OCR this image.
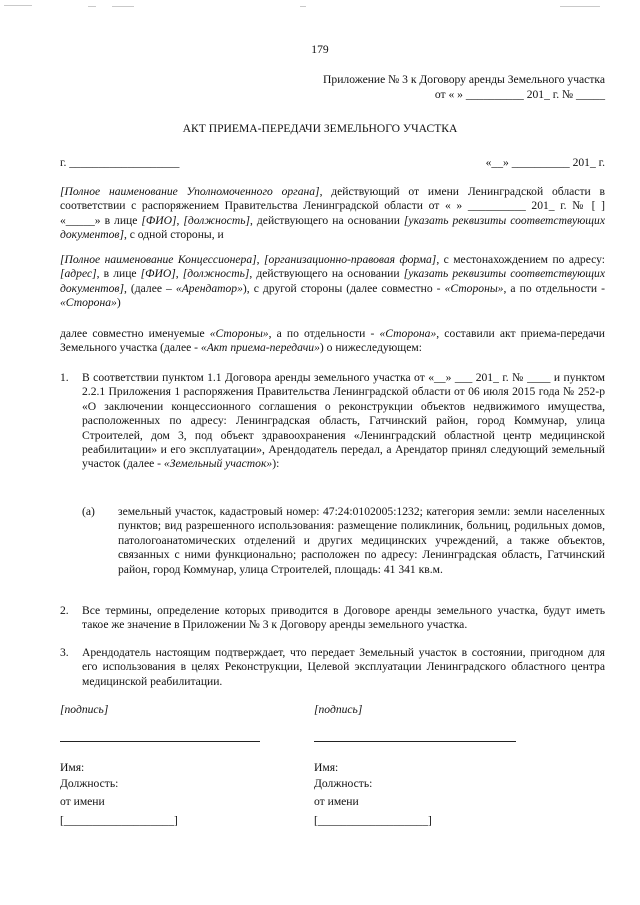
179
Приложение № 3 к Договору аренды Земельного участка
от « » __________ 201_ г. № _____
АКТ ПРИЕМА-ПЕРЕДАЧИ ЗЕМЕЛЬНОГО УЧАСТКА
г. ___________________	«__» __________ 201_ г.
[Полное наименование Уполномоченного органа], действующий от имени Ленинградской области в соответствии с распоряжением Правительства Ленинградской области от « » __________ 201_ г. № [ ] «_____» в лице [ФИО], [должность], действующего на основании [указать реквизиты соответствующих документов], с одной стороны, и
[Полное наименование Концессионера], [организационно-правовая форма], с местонахождением по адресу: [адрес], в лице [ФИО], [должность], действующего на основании [указать реквизиты соответствующих документов], (далее – «Арендатор»), с другой стороны (далее совместно - «Стороны», а по отдельности - «Сторона»)
далее совместно именуемые «Стороны», а по отдельности - «Сторона», составили акт приема-передачи Земельного участка (далее - «Акт приема-передачи») о нижеследующем:
1. В соответствии пунктом 1.1 Договора аренды земельного участка от «__» ___ 201_ г. № ____ и пунктом 2.2.1 Приложения 1 распоряжения Правительства Ленинградской области от 06 июля 2015 года № 252-р «О заключении концессионного соглашения о реконструкции объектов недвижимого имущества, расположенных по адресу: Ленинградская область, Гатчинский район, город Коммунар, улица Строителей, дом 3, под объект здравоохранения «Ленинградский областной центр медицинской реабилитации» и его эксплуатации», Арендодатель передал, а Арендатор принял следующий земельный участок (далее - «Земельный участок»):
(a) земельный участок, кадастровый номер: 47:24:0102005:1232; категория земли: земли населенных пунктов; вид разрешенного использования: размещение поликлиник, больниц, родильных домов, патологоанатомических отделений и других медицинских учреждений, а также объектов, связанных с ними функционально; расположен по адресу: Ленинградская область, Гатчинский район, город Коммунар, улица Строителей, площадь: 41 341 кв.м.
2. Все термины, определение которых приводится в Договоре аренды земельного участка, будут иметь такое же значение в Приложении № 3 к Договору аренды земельного участка.
3. Арендодатель настоящим подтверждает, что передает Земельный участок в состоянии, пригодном для его использования в целях Реконструкции, Целевой эксплуатации Ленинградского областного центра медицинской реабилитации.
[подпись]
Имя:
Должность:
от имени
[___________________]
[подпись]
Имя:
Должность:
от имени
[___________________]
